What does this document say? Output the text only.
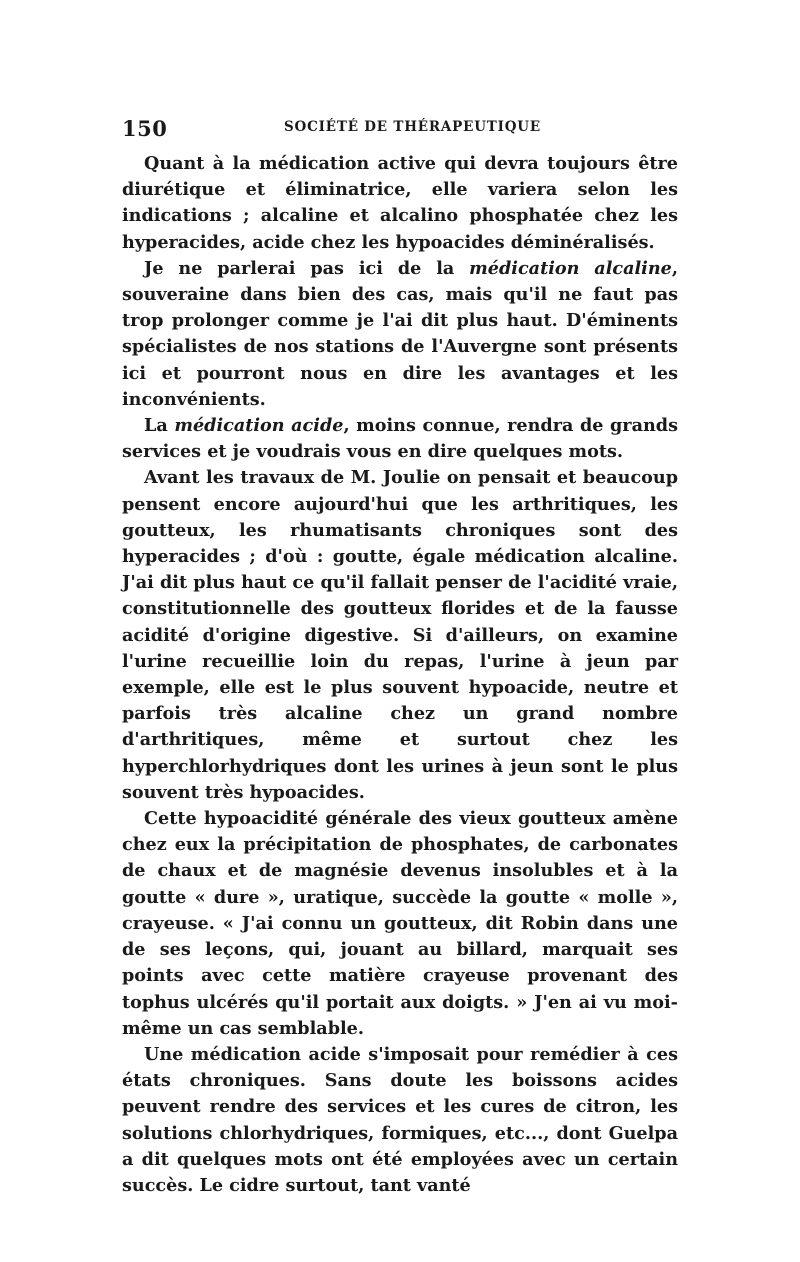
150	SOCIÉTÉ DE THÉRAPEUTIQUE

Quant à la médication active qui devra toujours être diurétique et éliminatrice, elle variera selon les indications ; alcaline et alcalino phosphatée chez les hyperacides, acide chez les hypoacides déminéralisés.

Je ne parlerai pas ici de la médication alcaline, souveraine dans bien des cas, mais qu'il ne faut pas trop prolonger comme je l'ai dit plus haut. D'éminents spécialistes de nos stations de l'Auvergne sont présents ici et pourront nous en dire les avantages et les inconvénients.

La médication acide, moins connue, rendra de grands services et je voudrais vous en dire quelques mots.

Avant les travaux de M. Joulie on pensait et beaucoup pensent encore aujourd'hui que les arthritiques, les goutteux, les rhumatisants chroniques sont des hyperacides ; d'où : goutte, égale médication alcaline. J'ai dit plus haut ce qu'il fallait penser de l'acidité vraie, constitutionnelle des goutteux florides et de la fausse acidité d'origine digestive. Si d'ailleurs, on examine l'urine recueillie loin du repas, l'urine à jeun par exemple, elle est le plus souvent hypoacide, neutre et parfois très alcaline chez un grand nombre d'arthritiques, même et surtout chez les hyperchlorhydriques dont les urines à jeun sont le plus souvent très hypoacides.

Cette hypoacidité générale des vieux goutteux amène chez eux la précipitation de phosphates, de carbonates de chaux et de magnésie devenus insolubles et à la goutte « dure », uratique, succède la goutte « molle », crayeuse. « J'ai connu un goutteux, dit Robin dans une de ses leçons, qui, jouant au billard, marquait ses points avec cette matière crayeuse provenant des tophus ulcérés qu'il portait aux doigts. » J'en ai vu moi-même un cas semblable.

Une médication acide s'imposait pour remédier à ces états chroniques. Sans doute les boissons acides peuvent rendre des services et les cures de citron, les solutions chlorhydriques, formiques, etc..., dont Guelpa a dit quelques mots ont été employées avec un certain succès. Le cidre surtout, tant vanté
